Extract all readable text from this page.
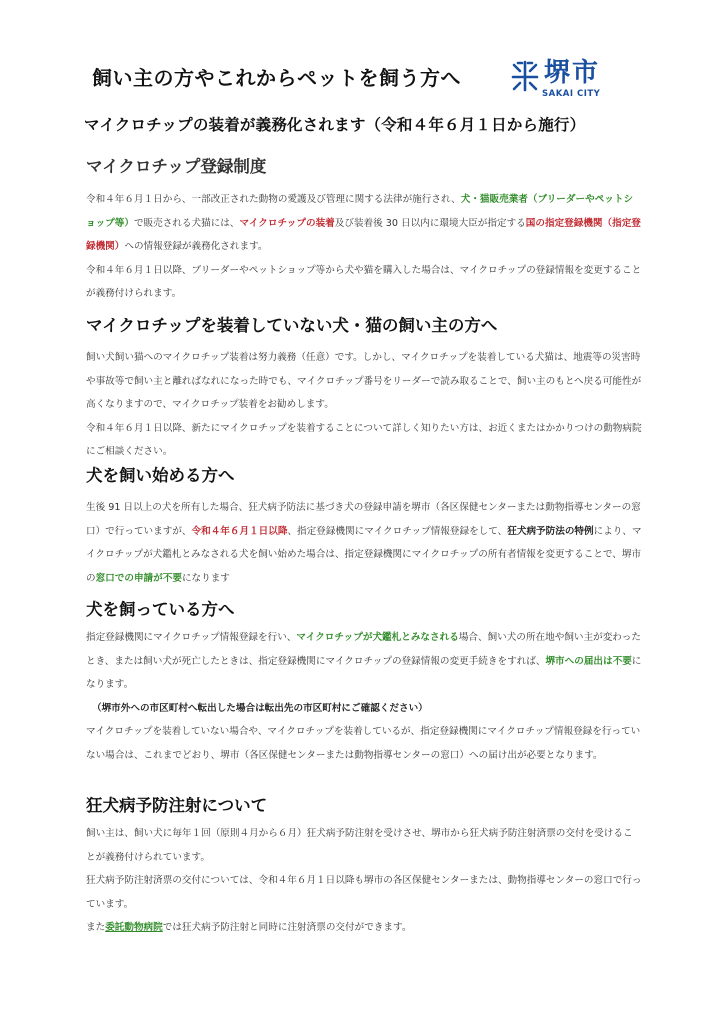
飼い主の方やこれからペットを飼う方へ	堺市
SAKAI CITY
マイクロチップの装着が義務化されます（令和４年６月１日から施行）
マイクロチップ登録制度

令和４年６月１日から、一部改正された動物の愛護及び管理に関する法律が施行され、犬・猫販売業者（ブリーダーやペットショップ等）で販売される犬猫には、マイクロチップの装着及び装着後 30 日以内に環境大臣が指定する国の指定登録機関（指定登録機関）への情報登録が義務化されます。

令和４年６月１日以降、ブリーダーやペットショップ等から犬や猫を購入した場合は、マイクロチップの登録情報を変更することが義務付けられます。

マイクロチップを装着していない犬・猫の飼い主の方へ

飼い犬飼い猫へのマイクロチップ装着は努力義務（任意）です。しかし、マイクロチップを装着している犬猫は、地震等の災害時や事故等で飼い主と離ればなれになった時でも、マイクロチップ番号をリーダーで読み取ることで、飼い主のもとへ戻る可能性が高くなりますので、マイクロチップ装着をお勧めします。

令和４年６月１日以降、新たにマイクロチップを装着することについて詳しく知りたい方は、お近くまたはかかりつけの動物病院にご相談ください。

犬を飼い始める方へ

生後 91 日以上の犬を所有した場合、狂犬病予防法に基づき犬の登録申請を堺市（各区保健センターまたは動物指導センターの窓口）で行っていますが、令和４年６月１日以降、指定登録機関にマイクロチップ情報登録をして、狂犬病予防法の特例により、マイクロチップが犬鑑札とみなされる犬を飼い始めた場合は、指定登録機関にマイクロチップの所有者情報を変更することで、堺市の窓口での申請が不要になります

犬を飼っている方へ

指定登録機関にマイクロチップ情報登録を行い、マイクロチップが犬鑑札とみなされる場合、飼い犬の所在地や飼い主が変わったとき、または飼い犬が死亡したときは、指定登録機関にマイクロチップの登録情報の変更手続きをすれば、堺市への届出は不要になります。

（堺市外への市区町村へ転出した場合は転出先の市区町村にご確認ください）

マイクロチップを装着していない場合や、マイクロチップを装着しているが、指定登録機関にマイクロチップ情報登録を行っていない場合は、これまでどおり、堺市（各区保健センターまたは動物指導センターの窓口）への届け出が必要となります。

狂犬病予防注射について

飼い主は、飼い犬に毎年１回（原則４月から６月）狂犬病予防注射を受けさせ、堺市から狂犬病予防注射済票の交付を受けることが義務付けられています。

狂犬病予防注射済票の交付については、令和４年６月１日以降も堺市の各区保健センターまたは、動物指導センターの窓口で行っています。

また委託動物病院では狂犬病予防注射と同時に注射済票の交付ができます。
